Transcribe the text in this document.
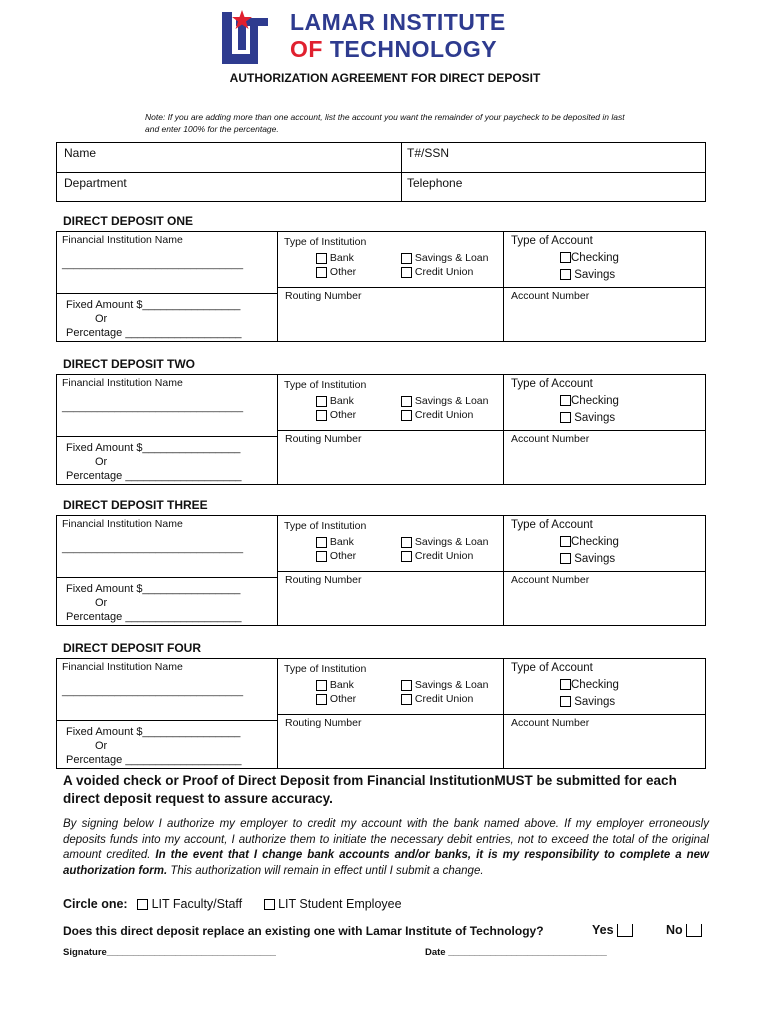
LAMAR INSTITUTE
OF TECHNOLOGY
AUTHORIZATION AGREEMENT FOR DIRECT DEPOSIT
Note: If you are adding more than one account, list the account you want the remainder of your paycheck to be deposited in last and enter 100% for the percentage.
Name	T#/SSN
Department	Telephone
DIRECT DEPOSIT ONE
Financial Institution Name
_______________________________
Fixed Amount $________________
Or
Percentage ___________________
Type of Institution
Bank
Other
Savings & Loan
Credit Union
Routing Number
Type of Account
Checking
Savings
Account Number
DIRECT DEPOSIT TWO
Financial Institution Name
_______________________________
Fixed Amount $________________
Or
Percentage ___________________
Type of Institution
Bank
Other
Savings & Loan
Credit Union
Routing Number
Type of Account
Checking
Savings
Account Number
DIRECT DEPOSIT THREE
Financial Institution Name
_______________________________
Fixed Amount $________________
Or
Percentage ___________________
Type of Institution
Bank
Other
Savings & Loan
Credit Union
Routing Number
Type of Account
Checking
Savings
Account Number
DIRECT DEPOSIT FOUR
Financial Institution Name
_______________________________
Fixed Amount $________________
Or
Percentage ___________________
Type of Institution
Bank
Other
Savings & Loan
Credit Union
Routing Number
Type of Account
Checking
Savings
Account Number
A voided check or Proof of Direct Deposit from Financial InstitutionMUST be submitted for each direct deposit request to assure accuracy.
By signing below I authorize my employer to credit my account with the bank named above. If my employer erroneously deposits funds into my account, I authorize them to initiate the necessary debit entries, not to exceed the total of the original amount credited. In the event that I change bank accounts and/or banks, it is my responsibility to complete a new authorization form. This authorization will remain in effect until I submit a change.
Circle one: LIT Faculty/Staff	LIT Student Employee
Does this direct deposit replace an existing one with Lamar Institute of Technology?	Yes	No
Signature________________________________	Date ______________________________
